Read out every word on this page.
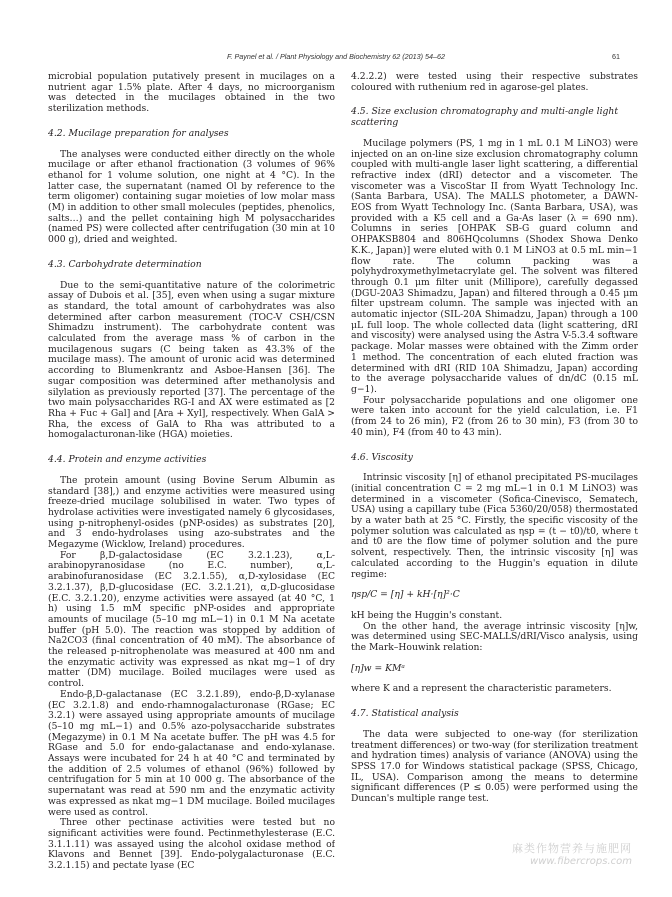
F. Paynel et al. / Plant Physiology and Biochemistry 62 (2013) 54–62	61

microbial population putatively present in mucilages on a nutrient agar 1.5% plate. After 4 days, no microorganism was detected in the mucilages obtained in the two sterilization methods.

4.2. Mucilage preparation for analyses

The analyses were conducted either directly on the whole mucilage or after ethanol fractionation (3 volumes of 96% ethanol for 1 volume solution, one night at 4 °C). In the latter case, the supernatant (named Ol by reference to the term oligomer) containing sugar moieties of low molar mass (M) in addition to other small molecules (peptides, phenolics, salts…) and the pellet containing high M polysaccharides (named PS) were collected after centrifugation (30 min at 10 000 g), dried and weighted.

4.3. Carbohydrate determination

Due to the semi-quantitative nature of the colorimetric assay of Dubois et al. [35], even when using a sugar mixture as standard, the total amount of carbohydrates was also determined after carbon measurement (TOC-V CSH/CSN Shimadzu instrument). The carbohydrate content was calculated from the average mass % of carbon in the mucilagenous sugars (C being taken as 43.3% of the mucilage mass). The amount of uronic acid was determined according to Blumenkrantz and Asboe-Hansen [36]. The sugar composition was determined after methanolysis and silylation as previously reported [37]. The percentage of the two main polysaccharides RG-I and AX were estimated as [2 Rha + Fuc + Gal] and [Ara + Xyl], respectively. When GalA > Rha, the excess of GalA to Rha was attributed to a homogalacturonan-like (HGA) moieties.

4.4. Protein and enzyme activities

The protein amount (using Bovine Serum Albumin as standard [38],) and enzyme activities were measured using freeze-dried mucilage solubilised in water. Two types of hydrolase activities were investigated namely 6 glycosidases, using p-nitrophenyl-osides (pNP-osides) as substrates [20], and 3 endo-hydrolases using azo-substrates and the Megazyme (Wicklow, Ireland) procedures.

For β,D-galactosidase (EC 3.2.1.23), α,L-arabinopyranosidase (no E.C. number), α,L-arabinofuranosidase (EC 3.2.1.55), α,D-xylosidase (EC 3.2.1.37), β,D-glucosidase (EC. 3.2.1.21), α,D-glucosidase (E.C. 3.2.1.20), enzyme activities were assayed (at 40 °C, 1 h) using 1.5 mM specific pNP-osides and appropriate amounts of mucilage (5–10 mg mL−1) in 0.1 M Na acetate buffer (pH 5.0). The reaction was stopped by addition of Na2CO3 (final concentration of 40 mM). The absorbance of the released p-nitrophenolate was measured at 400 nm and the enzymatic activity was expressed as nkat mg−1 of dry matter (DM) mucilage. Boiled mucilages were used as control.

Endo-β,D-galactanase (EC 3.2.1.89), endo-β,D-xylanase (EC 3.2.1.8) and endo-rhamnogalacturonase (RGase; EC 3.2.1) were assayed using appropriate amounts of mucilage (5–10 mg mL−1) and 0.5% azo-polysaccharide substrates (Megazyme) in 0.1 M Na acetate buffer. The pH was 4.5 for RGase and 5.0 for endo-galactanase and endo-xylanase. Assays were incubated for 24 h at 40 °C and terminated by the addition of 2.5 volumes of ethanol (96%) followed by centrifugation for 5 min at 10 000 g. The absorbance of the supernatant was read at 590 nm and the enzymatic activity was expressed as nkat mg−1 DM mucilage. Boiled mucilages were used as control.

Three other pectinase activities were tested but no significant activities were found. Pectinmethylesterase (E.C. 3.1.1.11) was assayed using the alcohol oxidase method of Klavons and Bennet [39]. Endo-polygalacturonase (E.C. 3.2.1.15) and pectate lyase (EC

4.2.2.2) were tested using their respective substrates coloured with ruthenium red in agarose-gel plates.

4.5. Size exclusion chromatography and multi-angle light scattering

Mucilage polymers (PS, 1 mg in 1 mL 0.1 M LiNO3) were injected on an on-line size exclusion chromatography column coupled with multi-angle laser light scattering, a differential refractive index (dRI) detector and a viscometer. The viscometer was a ViscoStar II from Wyatt Technology Inc. (Santa Barbara, USA). The MALLS photometer, a DAWN-EOS from Wyatt Technology Inc. (Santa Barbara, USA), was provided with a K5 cell and a Ga-As laser (λ = 690 nm). Columns in series [OHPAK SB-G guard column and OHPAKSB804 and 806HQcolumns (Shodex Showa Denko K.K., Japan)] were eluted with 0.1 M LiNO3 at 0.5 mL min−1 flow rate. The column packing was a polyhydroxymethylmetacrylate gel. The solvent was filtered through 0.1 μm filter unit (Millipore), carefully degassed (DGU-20A3 Shimadzu, Japan) and filtered through a 0.45 μm filter upstream column. The sample was injected with an automatic injector (SIL-20A Shimadzu, Japan) through a 100 μL full loop. The whole collected data (light scattering, dRI and viscosity) were analysed using the Astra V-5.3.4 software package. Molar masses were obtained with the Zimm order 1 method. The concentration of each eluted fraction was determined with dRI (RID 10A Shimadzu, Japan) according to the average polysaccharide values of dn/dC (0.15 mL g−1).

Four polysaccharide populations and one oligomer one were taken into account for the yield calculation, i.e. F1 (from 24 to 26 min), F2 (from 26 to 30 min), F3 (from 30 to 40 min), F4 (from 40 to 43 min).

4.6. Viscosity

Intrinsic viscosity [η] of ethanol precipitated PS-mucilages (initial concentration C = 2 mg mL−1 in 0.1 M LiNO3) was determined in a viscometer (Sofica-Cinevisco, Sematech, USA) using a capillary tube (Fica 5360/20/058) thermostated by a water bath at 25 °C. Firstly, the specific viscosity of the polymer solution was calculated as ηsp = (t − t0)/t0, where t and t0 are the flow time of polymer solution and the pure solvent, respectively. Then, the intrinsic viscosity [η] was calculated according to the Huggin's equation in dilute regime:

ηsp/C = [η] + kH·[η]²·C

kH being the Huggin's constant.

On the other hand, the average intrinsic viscosity [η]w, was determined using SEC-MALLS/dRI/Visco analysis, using the Mark–Houwink relation:

[η]w = KMᵃ

where K and a represent the characteristic parameters.

4.7. Statistical analysis

The data were subjected to one-way (for sterilization treatment differences) or two-way (for sterilization treatment and hydration times) analysis of variance (ANOVA) using the SPSS 17.0 for Windows statistical package (SPSS, Chicago, IL, USA). Comparison among the means to determine significant differences (P ≤ 0.05) were performed using the Duncan's multiple range test.

麻类作物营养与施肥网
www.fibercrops.com
